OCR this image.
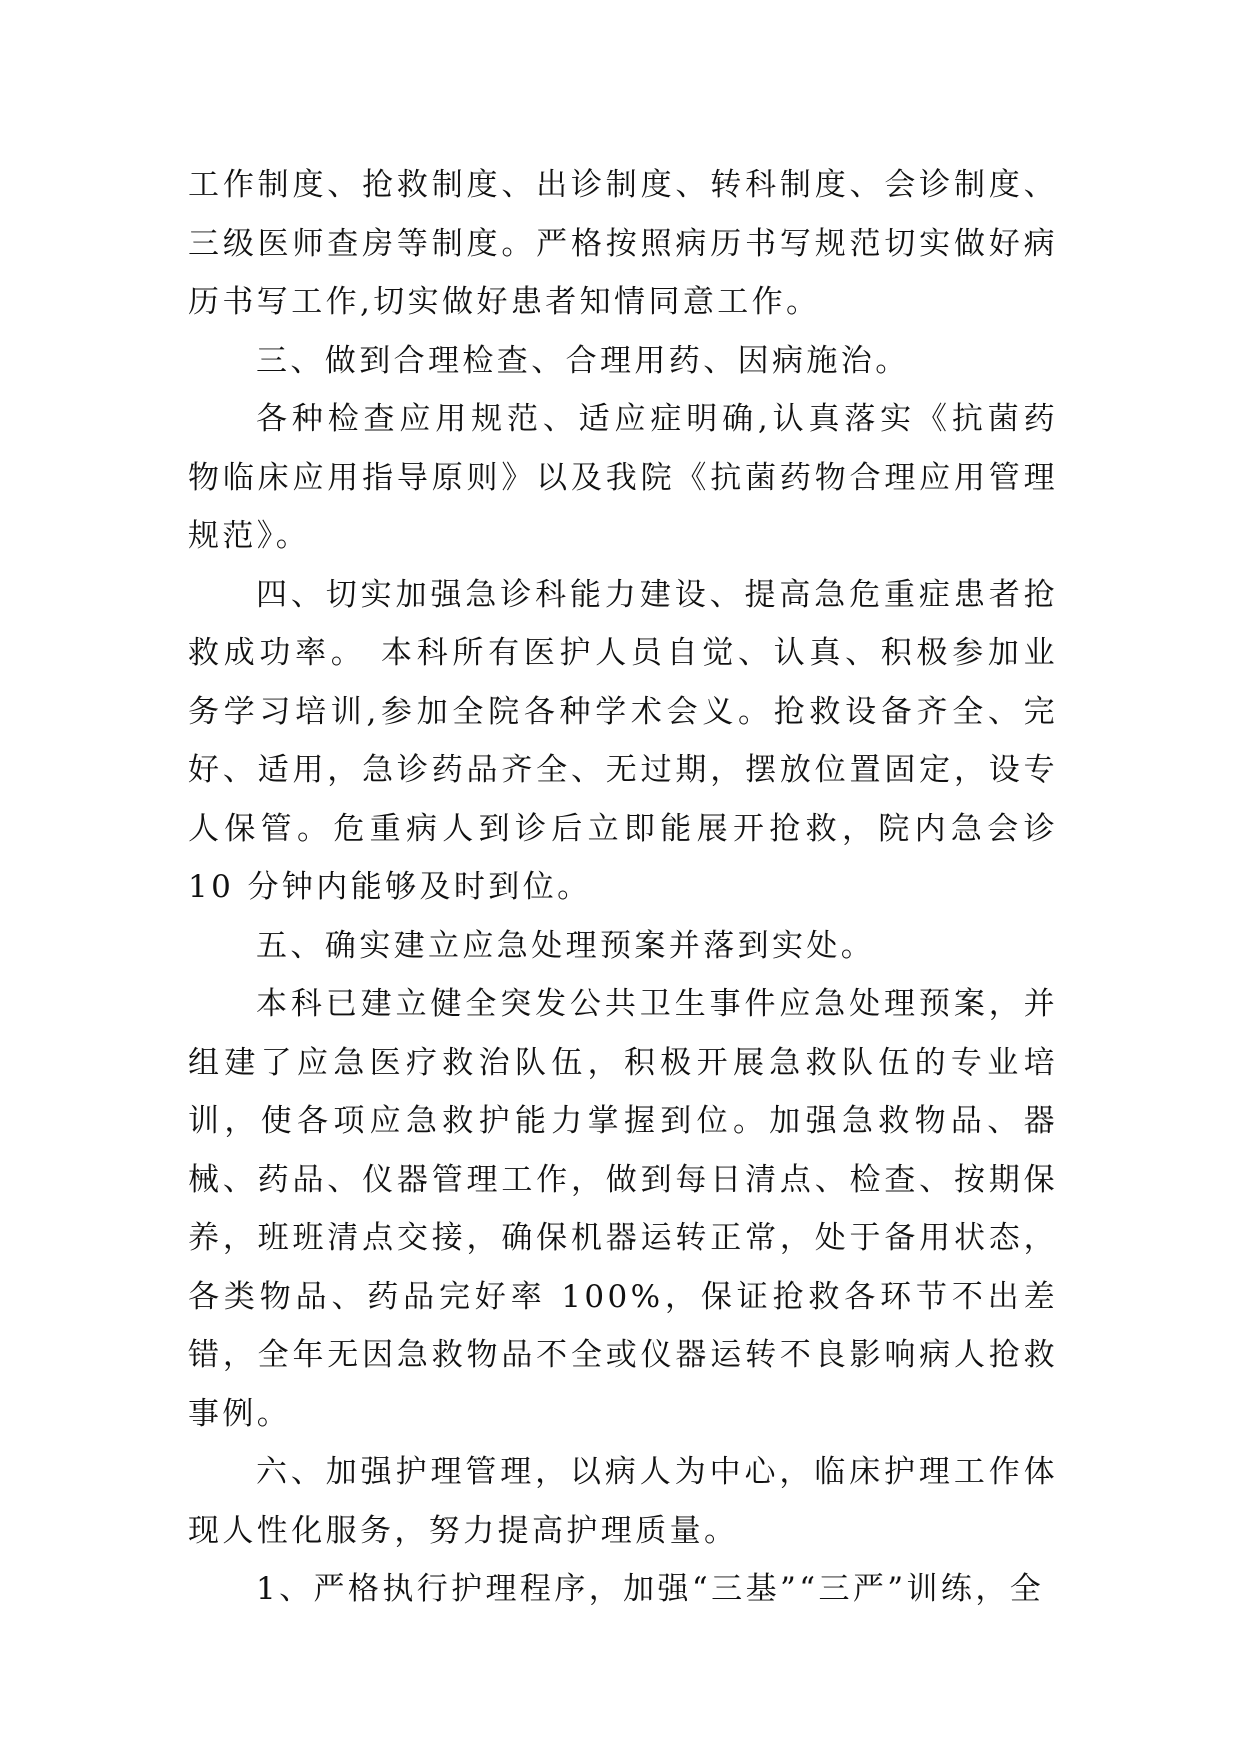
工作制度、抢救制度、出诊制度、转科制度、会诊制度、三级医师查房等制度。严格按照病历书写规范切实做好病历书写工作,切实做好患者知情同意工作。

三、做到合理检查、合理用药、因病施治。

各种检查应用规范、适应症明确,认真落实《抗菌药物临床应用指导原则》以及我院《抗菌药物合理应用管理规范》。

四、切实加强急诊科能力建设、提高急危重症患者抢救成功率。 本科所有医护人员自觉、认真、积极参加业务学习培训,参加全院各种学术会义。抢救设备齐全、完好、适用，急诊药品齐全、无过期，摆放位置固定，设专人保管。危重病人到诊后立即能展开抢救，院内急会诊 10 分钟内能够及时到位。

五、确实建立应急处理预案并落到实处。

本科已建立健全突发公共卫生事件应急处理预案，并组建了应急医疗救治队伍，积极开展急救队伍的专业培训，使各项应急救护能力掌握到位。加强急救物品、器械、药品、仪器管理工作，做到每日清点、检查、按期保养，班班清点交接，确保机器运转正常，处于备用状态，各类物品、药品完好率 100%，保证抢救各环节不出差错，全年无因急救物品不全或仪器运转不良影响病人抢救事例。

六、加强护理管理，以病人为中心，临床护理工作体现人性化服务，努力提高护理质量。

1、严格执行护理程序，加强“三基”“三严”训练，全
